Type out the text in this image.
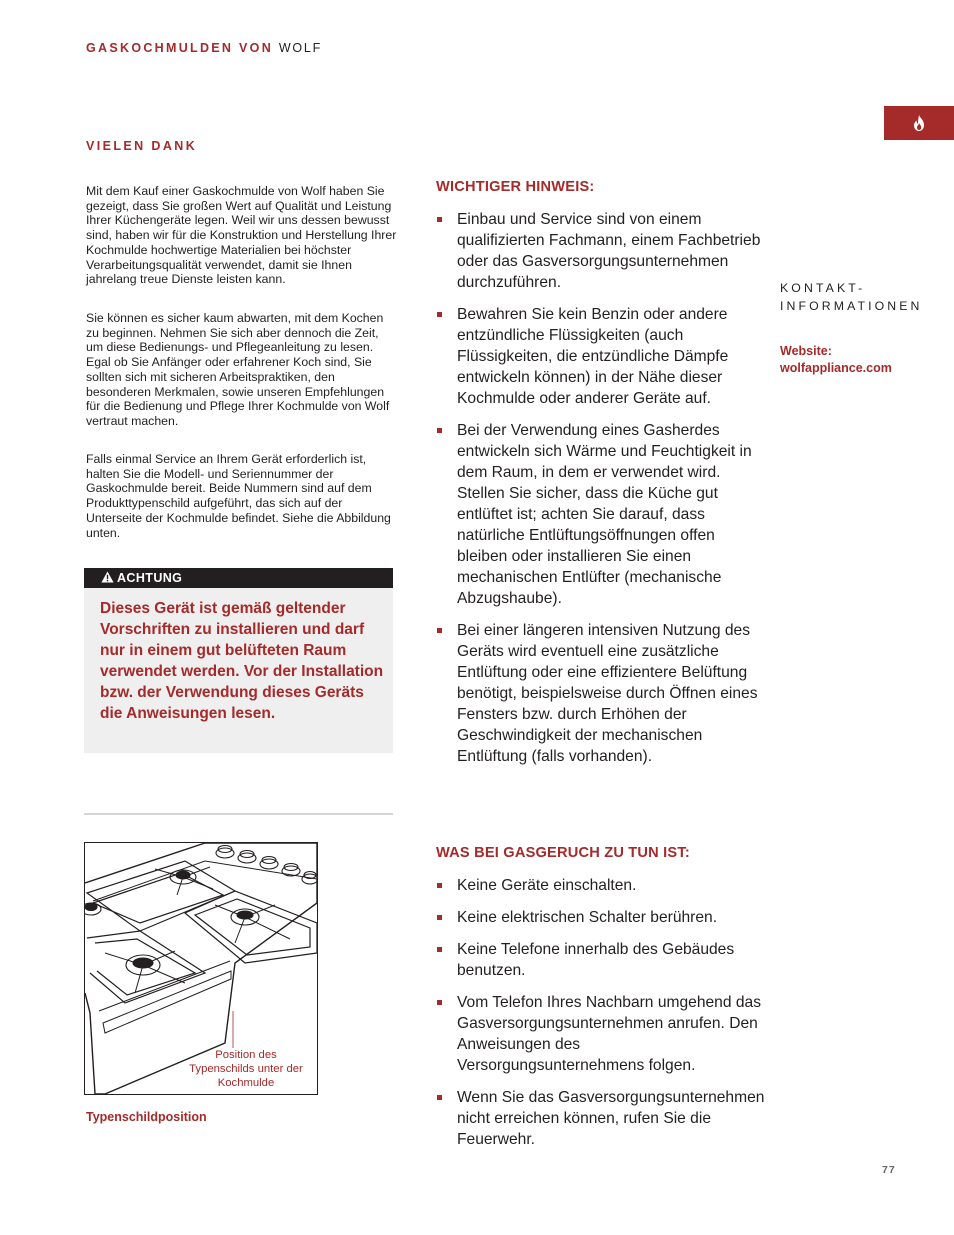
GASKOCHMULDEN VON WOLF
VIELEN DANK

Mit dem Kauf einer Gaskochmulde von Wolf haben Sie gezeigt, dass Sie großen Wert auf Qualität und Leistung Ihrer Küchengeräte legen. Weil wir uns dessen bewusst sind, haben wir für die Konstruktion und Herstellung Ihrer Kochmulde hochwertige Materialien bei höchster Verarbeitungsqualität verwendet, damit sie Ihnen jahrelang treue Dienste leisten kann.

Sie können es sicher kaum abwarten, mit dem Kochen zu beginnen. Nehmen Sie sich aber dennoch die Zeit, um diese Bedienungs- und Pflegeanleitung zu lesen. Egal ob Sie Anfänger oder erfahrener Koch sind, Sie sollten sich mit sicheren Arbeitspraktiken, den besonderen Merkmalen, sowie unseren Empfehlungen für die Bedienung und Pflege Ihrer Kochmulde von Wolf vertraut machen.

Falls einmal Service an Ihrem Gerät erforderlich ist, halten Sie die Modell- und Seriennummer der Gaskochmulde bereit. Beide Nummern sind auf dem Produkttypenschild aufgeführt, das sich auf der Unterseite der Kochmulde befindet. Siehe die Abbildung unten.

ACHTUNG

Dieses Gerät ist gemäß geltender Vorschriften zu installieren und darf nur in einem gut belüfteten Raum verwendet werden. Vor der Installation bzw. der Verwendung dieses Geräts die Anweisungen lesen.

Position des Typenschilds unter der Kochmulde
Typenschildposition
WICHTIGER HINWEIS:
Einbau und Service sind von einem qualifizierten Fachmann, einem Fachbetrieb oder das Gasversorgungsunternehmen durchzuführen.
Bewahren Sie kein Benzin oder andere entzündliche Flüssigkeiten (auch Flüssigkeiten, die entzündliche Dämpfe entwickeln können) in der Nähe dieser Kochmulde oder anderer Geräte auf.
Bei der Verwendung eines Gasherdes entwickeln sich Wärme und Feuchtigkeit in dem Raum, in dem er verwendet wird. Stellen Sie sicher, dass die Küche gut entlüftet ist; achten Sie darauf, dass natürliche Entlüftungsöffnungen offen bleiben oder installieren Sie einen mechanischen Entlüfter (mechanische Abzugshaube).
Bei einer längeren intensiven Nutzung des Geräts wird eventuell eine zusätzliche Entlüftung oder eine effizientere Belüftung benötigt, beispielsweise durch Öffnen eines Fensters bzw. durch Erhöhen der Geschwindigkeit der mechanischen Entlüftung (falls vorhanden).
WAS BEI GASGERUCH ZU TUN IST:
Keine Geräte einschalten.
Keine elektrischen Schalter berühren.
Keine Telefone innerhalb des Gebäudes benutzen.
Vom Telefon Ihres Nachbarn umgehend das Gasversorgungsunternehmen anrufen. Den Anweisungen des Versorgungsunternehmens folgen.
Wenn Sie das Gasversorgungsunternehmen nicht erreichen können, rufen Sie die Feuerwehr.
KONTAKT-
INFORMATIONEN
Website:
wolfappliance.com
77
